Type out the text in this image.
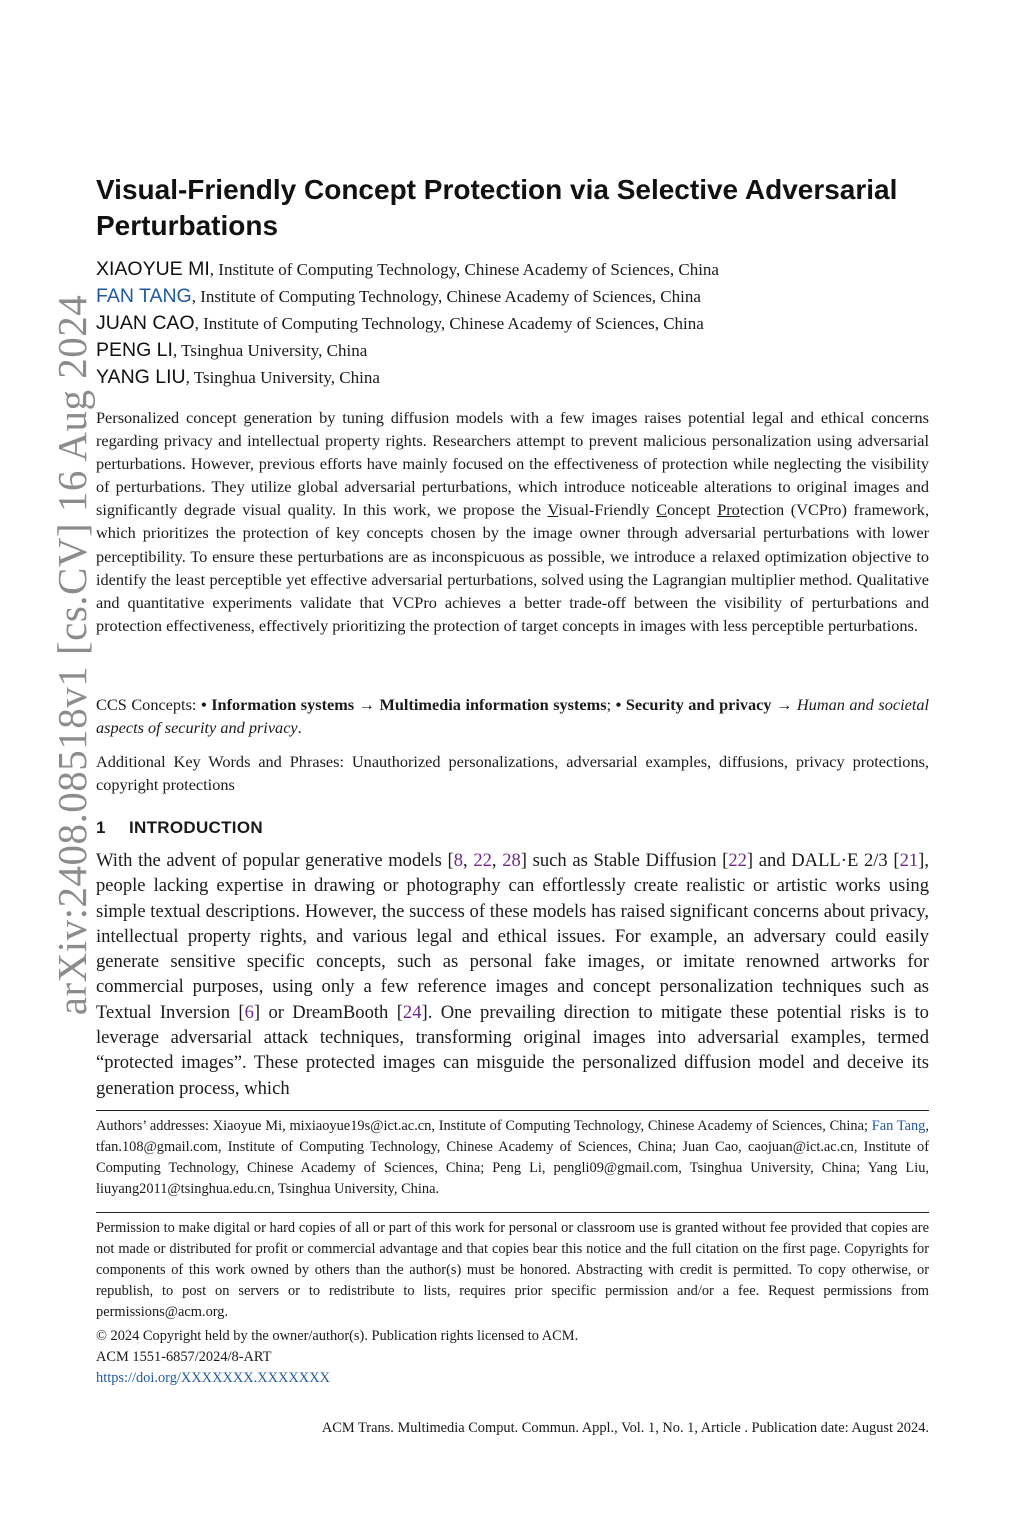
arXiv:2408.08518v1 [cs.CV] 16 Aug 2024
Visual-Friendly Concept Protection via Selective Adversarial Perturbations
XIAOYUE MI, Institute of Computing Technology, Chinese Academy of Sciences, China
FAN TANG, Institute of Computing Technology, Chinese Academy of Sciences, China
JUAN CAO, Institute of Computing Technology, Chinese Academy of Sciences, China
PENG LI, Tsinghua University, China
YANG LIU, Tsinghua University, China

Personalized concept generation by tuning diffusion models with a few images raises potential legal and ethical concerns regarding privacy and intellectual property rights. Researchers attempt to prevent malicious personalization using adversarial perturbations. However, previous efforts have mainly focused on the effectiveness of protection while neglecting the visibility of perturbations. They utilize global adversarial perturbations, which introduce noticeable alterations to original images and significantly degrade visual quality. In this work, we propose the Visual-Friendly Concept Protection (VCPro) framework, which prioritizes the protection of key concepts chosen by the image owner through adversarial perturbations with lower perceptibility. To ensure these perturbations are as inconspicuous as possible, we introduce a relaxed optimization objective to identify the least perceptible yet effective adversarial perturbations, solved using the Lagrangian multiplier method. Qualitative and quantitative experiments validate that VCPro achieves a better trade-off between the visibility of perturbations and protection effectiveness, effectively prioritizing the protection of target concepts in images with less perceptible perturbations.

CCS Concepts: • Information systems → Multimedia information systems; • Security and privacy → Human and societal aspects of security and privacy.

Additional Key Words and Phrases: Unauthorized personalizations, adversarial examples, diffusions, privacy protections, copyright protections

1 INTRODUCTION

With the advent of popular generative models [8, 22, 28] such as Stable Diffusion [22] and DALL·E 2/3 [21], people lacking expertise in drawing or photography can effortlessly create realistic or artistic works using simple textual descriptions. However, the success of these models has raised significant concerns about privacy, intellectual property rights, and various legal and ethical issues. For example, an adversary could easily generate sensitive specific concepts, such as personal fake images, or imitate renowned artworks for commercial purposes, using only a few reference images and concept personalization techniques such as Textual Inversion [6] or DreamBooth [24]. One prevailing direction to mitigate these potential risks is to leverage adversarial attack techniques, transforming original images into adversarial examples, termed “protected images”. These protected images can misguide the personalized diffusion model and deceive its generation process, which

Authors’ addresses: Xiaoyue Mi, mixiaoyue19s@ict.ac.cn, Institute of Computing Technology, Chinese Academy of Sciences, China; Fan Tang, tfan.108@gmail.com, Institute of Computing Technology, Chinese Academy of Sciences, China; Juan Cao, caojuan@ict.ac.cn, Institute of Computing Technology, Chinese Academy of Sciences, China; Peng Li, pengli09@gmail.com, Tsinghua University, China; Yang Liu, liuyang2011@tsinghua.edu.cn, Tsinghua University, China.

Permission to make digital or hard copies of all or part of this work for personal or classroom use is granted without fee provided that copies are not made or distributed for profit or commercial advantage and that copies bear this notice and the full citation on the first page. Copyrights for components of this work owned by others than the author(s) must be honored. Abstracting with credit is permitted. To copy otherwise, or republish, to post on servers or to redistribute to lists, requires prior specific permission and/or a fee. Request permissions from permissions@acm.org.

© 2024 Copyright held by the owner/author(s). Publication rights licensed to ACM.
ACM 1551-6857/2024/8-ART
https://doi.org/XXXXXXX.XXXXXXX
ACM Trans. Multimedia Comput. Commun. Appl., Vol. 1, No. 1, Article . Publication date: August 2024.
